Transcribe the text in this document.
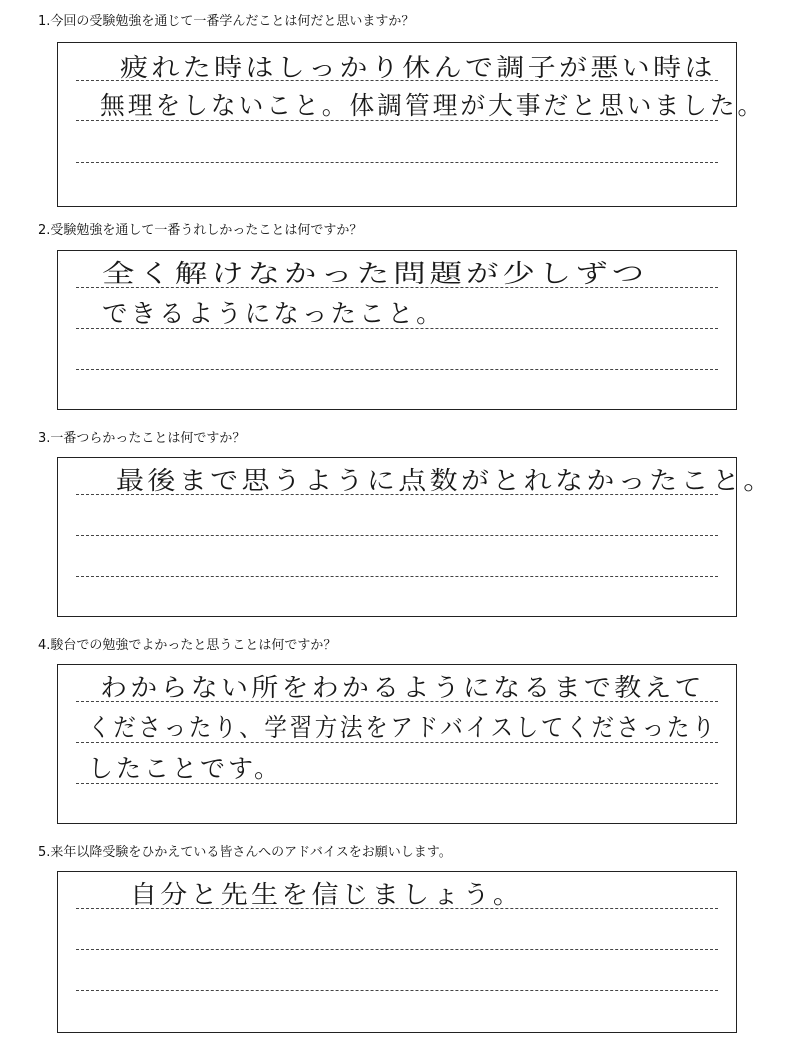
1.今回の受験勉強を通じて一番学んだことは何だと思いますか？
疲れた時はしっかり休んで調子が悪い時は
無理をしないこと。体調管理が大事だと思いました。
2.受験勉強を通して一番うれしかったことは何ですか？
全く解けなかった問題が少しずつ
できるようになったこと。
3.一番つらかったことは何ですか？
最後まで思うように点数がとれなかったこと。
4.駿台での勉強でよかったと思うことは何ですか？
わからない所をわかるようになるまで教えて
くださったり、学習方法をアドバイスしてくださったり
したことです。
5.来年以降受験をひかえている皆さんへのアドバイスをお願いします。
自分と先生を信じましょう。
